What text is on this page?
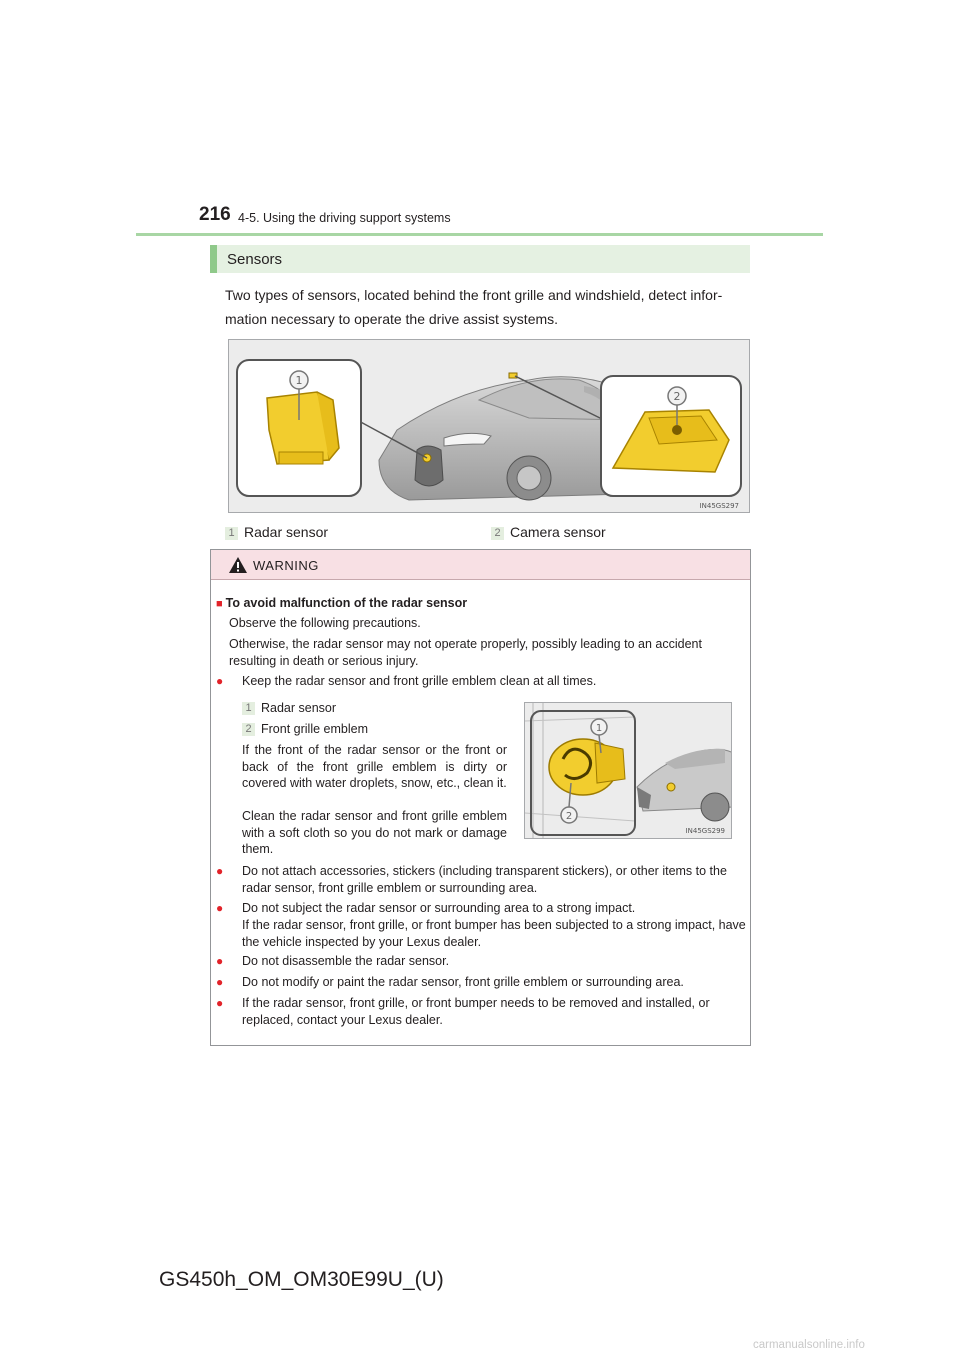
216 4-5. Using the driving support systems
Sensors
Two types of sensors, located behind the front grille and windshield, detect infor-mation necessary to operate the drive assist systems.
1
2
IN45GS297
1 Radar sensor	2 Camera sensor
WARNING
■ To avoid malfunction of the radar sensor
Observe the following precautions.
Otherwise, the radar sensor may not operate properly, possibly leading to an accident resulting in death or serious injury.
● Keep the radar sensor and front grille emblem clean at all times.
1 Radar sensor
2 Front grille emblem
If the front of the radar sensor or the front or back of the front grille emblem is dirty or covered with water droplets, snow, etc., clean it.
Clean the radar sensor and front grille emblem with a soft cloth so you do not mark or damage them.
1
2
IN45GS299
● Do not attach accessories, stickers (including transparent stickers), or other items to the radar sensor, front grille emblem or surrounding area.
● Do not subject the radar sensor or surrounding area to a strong impact.
If the radar sensor, front grille, or front bumper has been subjected to a strong impact, have the vehicle inspected by your Lexus dealer.
● Do not disassemble the radar sensor.
● Do not modify or paint the radar sensor, front grille emblem or surrounding area.
● If the radar sensor, front grille, or front bumper needs to be removed and installed, or replaced, contact your Lexus dealer.
GS450h_OM_OM30E99U_(U)
carmanualsonline.info
